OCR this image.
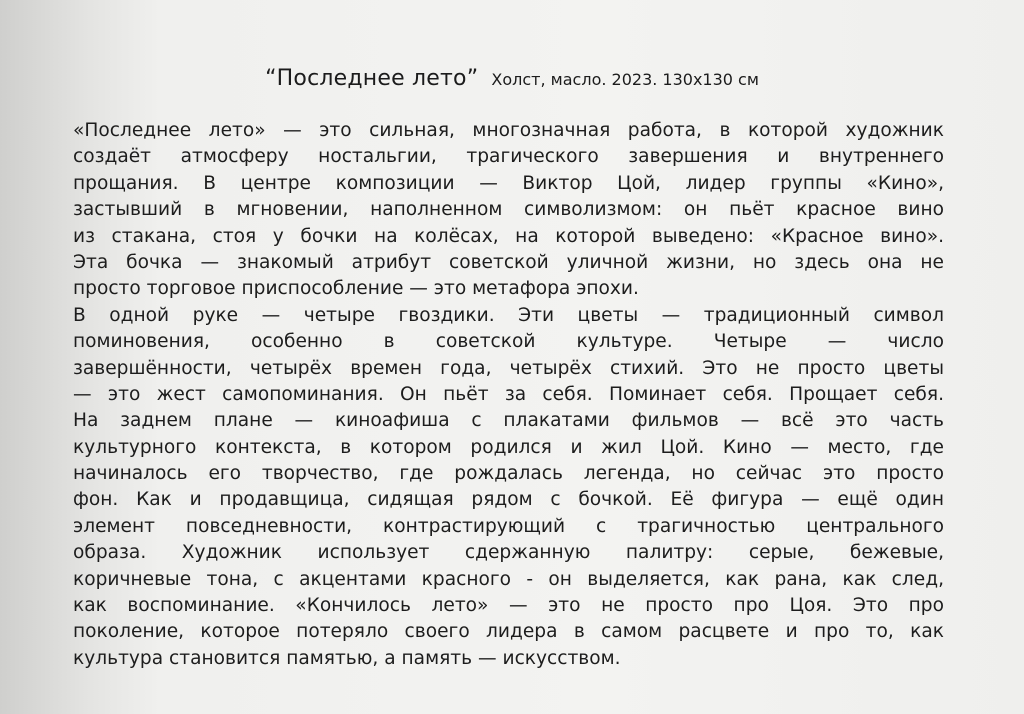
“Последнее лето” Холст, масло. 2023. 130х130 см
«Последнее лето» — это сильная, многозначная работа, в которой художник
создаёт атмосферу ностальгии, трагического завершения и внутреннего
прощания. В центре композиции — Виктор Цой, лидер группы «Кино»,
застывший в мгновении, наполненном символизмом: он пьёт красное вино
из стакана, стоя у бочки на колёсах, на которой выведено: «Красное вино».
Эта бочка — знакомый атрибут советской уличной жизни, но здесь она не
просто торговое приспособление — это метафора эпохи.
В одной руке — четыре гвоздики. Эти цветы — традиционный символ
поминовения, особенно в советской культуре. Четыре — число
завершённости, четырёх времен года, четырёх стихий. Это не просто цветы
— это жест самопоминания. Он пьёт за себя. Поминает себя. Прощает себя.
На заднем плане — киноафиша с плакатами фильмов — всё это часть
культурного контекста, в котором родился и жил Цой. Кино — место, где
начиналось его творчество, где рождалась легенда, но сейчас это просто
фон. Как и продавщица, сидящая рядом с бочкой. Её фигура — ещё один
элемент повседневности, контрастирующий с трагичностью центрального
образа. Художник использует сдержанную палитру: серые, бежевые,
коричневые тона, с акцентами красного - он выделяется, как рана, как след,
как воспоминание. «Кончилось лето» — это не просто про Цоя. Это про
поколение, которое потеряло своего лидера в самом расцвете и про то, как
культура становится памятью, а память — искусством.
